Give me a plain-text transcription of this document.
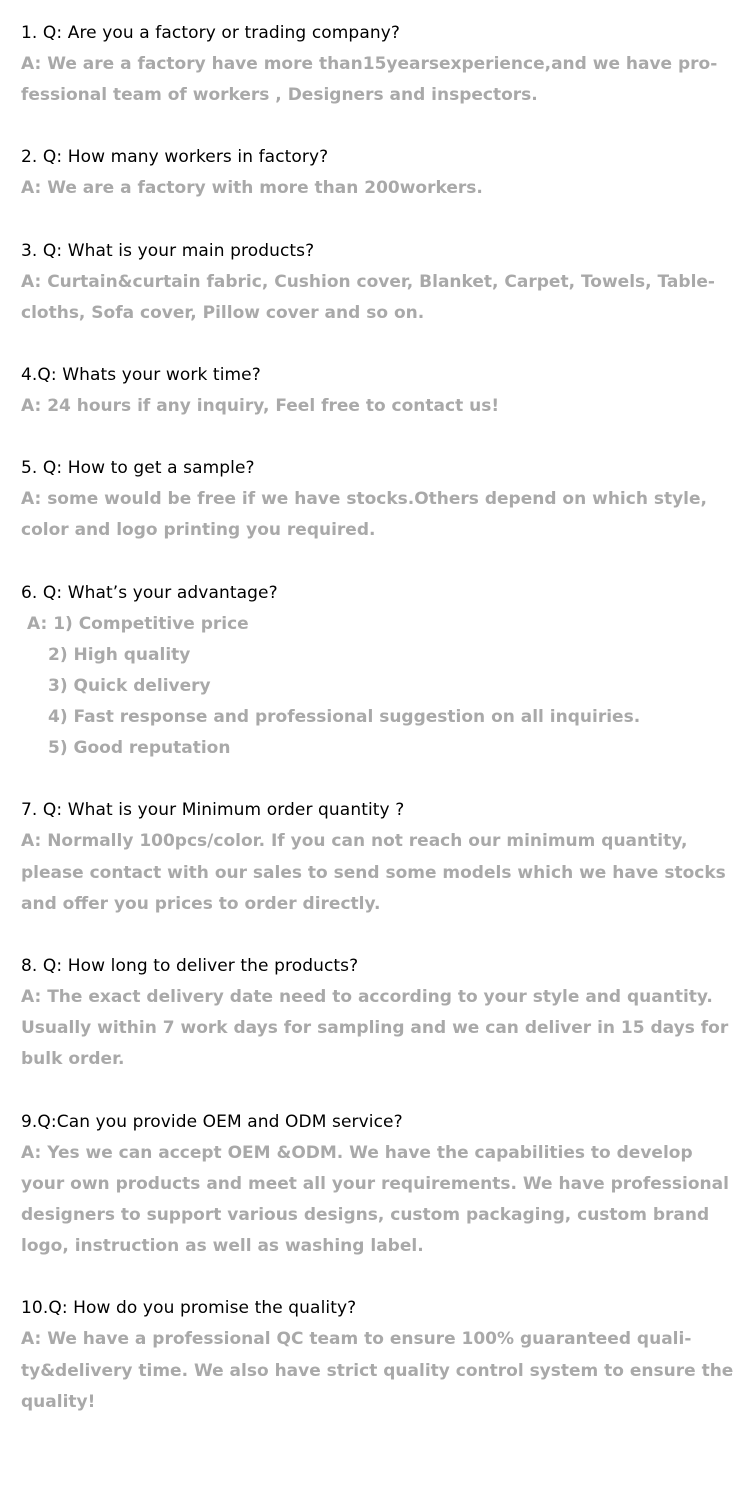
1. Q: Are you a factory or trading company?
A: We are a factory have more than15yearsexperience,and we have pro-
fessional team of workers , Designers and inspectors.
2. Q: How many workers in factory?
A: We are a factory with more than 200workers.
3. Q: What is your main products?
A: Curtain&curtain fabric, Cushion cover, Blanket, Carpet, Towels, Table-
cloths, Sofa cover, Pillow cover and so on.
4.Q: Whats your work time?
A: 24 hours if any inquiry, Feel free to contact us!
5. Q: How to get a sample?
A: some would be free if we have stocks.Others depend on which style,
color and logo printing you required.
6. Q: What’s your advantage?
A: 1) Competitive price
2) High quality
3) Quick delivery
4) Fast response and professional suggestion on all inquiries.
5) Good reputation
7. Q: What is your Minimum order quantity ?
A: Normally 100pcs/color. If you can not reach our minimum quantity,
please contact with our sales to send some models which we have stocks
and offer you prices to order directly.
8. Q: How long to deliver the products?
A: The exact delivery date need to according to your style and quantity.
Usually within 7 work days for sampling and we can deliver in 15 days for
bulk order.
9.Q:Can you provide OEM and ODM service?
A: Yes we can accept OEM &ODM. We have the capabilities to develop
your own products and meet all your requirements. We have professional
designers to support various designs, custom packaging, custom brand
logo, instruction as well as washing label.
10.Q: How do you promise the quality?
A: We have a professional QC team to ensure 100% guaranteed quali-
ty&delivery time. We also have strict quality control system to ensure the
quality!
